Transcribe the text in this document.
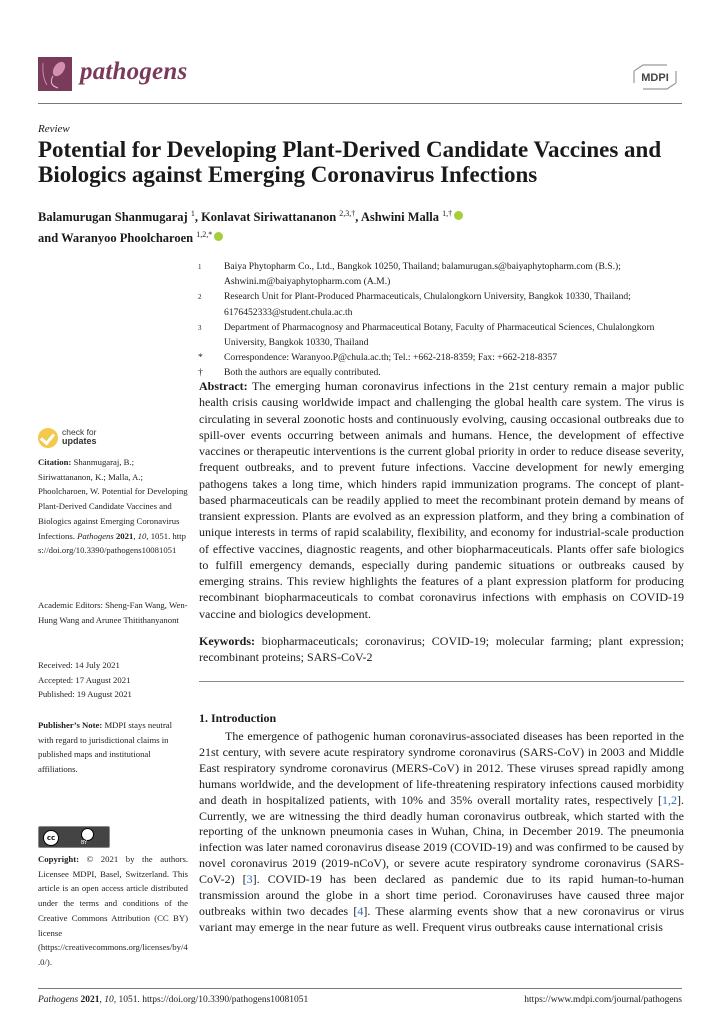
pathogens	MDPI
Review
Potential for Developing Plant-Derived Candidate Vaccines and Biologics against Emerging Coronavirus Infections
Balamurugan Shanmugaraj $^1$, Konlavat Siriwattananon $^{2,3,\dagger}$, Ashwini Malla $^{1,\dagger}$
and Waranyoo Phoolcharoen $^{1,2,*}$
1	Baiya Phytopharm Co., Ltd., Bangkok 10250, Thailand; balamurugan.s@baiyaphytopharm.com (B.S.); Ashwini.m@baiyaphytopharm.com (A.M.)
2	Research Unit for Plant-Produced Pharmaceuticals, Chulalongkorn University, Bangkok 10330, Thailand; 6176452333@student.chula.ac.th
3	Department of Pharmacognosy and Pharmaceutical Botany, Faculty of Pharmaceutical Sciences, Chulalongkorn University, Bangkok 10330, Thailand
*	Correspondence: Waranyoo.P@chula.ac.th; Tel.: +662-218-8359; Fax: +662-218-8357
†	Both the authors are equally contributed.
Abstract: The emerging human coronavirus infections in the 21st century remain a major public health crisis causing worldwide impact and challenging the global health care system. The virus is circulating in several zoonotic hosts and continuously evolving, causing occasional outbreaks due to spill-over events occurring between animals and humans. Hence, the development of effective vaccines or therapeutic interventions is the current global priority in order to reduce disease severity, frequent outbreaks, and to prevent future infections. Vaccine development for newly emerging pathogens takes a long time, which hinders rapid immunization programs. The concept of plant-based pharmaceuticals can be readily applied to meet the recombinant protein demand by means of transient expression. Plants are evolved as an expression platform, and they bring a combination of unique interests in terms of rapid scalability, flexibility, and economy for industrial-scale production of effective vaccines, diagnostic reagents, and other biopharmaceuticals. Plants offer safe biologics to fulfill emergency demands, especially during pandemic situations or outbreaks caused by emerging strains. This review highlights the features of a plant expression platform for producing recombinant biopharmaceuticals to combat coronavirus infections with emphasis on COVID-19 vaccine and biologics development.
Keywords: biopharmaceuticals; coronavirus; COVID-19; molecular farming; plant expression; recombinant proteins; SARS-CoV-2
1. Introduction
The emergence of pathogenic human coronavirus-associated diseases has been reported in the 21st century, with severe acute respiratory syndrome coronavirus (SARS-CoV) in 2003 and Middle East respiratory syndrome coronavirus (MERS-CoV) in 2012. These viruses spread rapidly among humans worldwide, and the development of life-threatening respiratory infections caused morbidity and death in hospitalized patients, with 10% and 35% overall mortality rates, respectively [1,2]. Currently, we are witnessing the third deadly human coronavirus outbreak, which started with the reporting of the unknown pneumonia cases in Wuhan, China, in December 2019. The pneumonia infection was later named coronavirus disease 2019 (COVID-19) and was confirmed to be caused by novel coronavirus 2019 (2019-nCoV), or severe acute respiratory syndrome coronavirus (SARS-CoV-2) [3]. COVID-19 has been declared as pandemic due to its rapid human-to-human transmission around the globe in a short time period. Coronaviruses have caused three major outbreaks within two decades [4]. These alarming events show that a new coronavirus or virus variant may emerge in the near future as well. Frequent virus outbreaks cause international crisis
check for
updates
Citation: Shanmugaraj, B.; Siriwattananon, K.; Malla, A.; Phoolcharoen, W. Potential for Developing Plant-Derived Candidate Vaccines and Biologics against Emerging Coronavirus Infections. Pathogens 2021, 10, 1051. https://doi.org/10.3390/pathogens10081051
Academic Editors: Sheng-Fan Wang, Wen-Hung Wang and Arunee Thitithanyanont
Received: 14 July 2021
Accepted: 17 August 2021
Published: 19 August 2021
Publisher’s Note: MDPI stays neutral with regard to jurisdictional claims in published maps and institutional affiliations.
cc
BY
Copyright: © 2021 by the authors. Licensee MDPI, Basel, Switzerland. This article is an open access article distributed under the terms and conditions of the Creative Commons Attribution (CC BY) license (https://creativecommons.org/licenses/by/4.0/).
Pathogens 2021, 10, 1051. https://doi.org/10.3390/pathogens10081051	https://www.mdpi.com/journal/pathogens
